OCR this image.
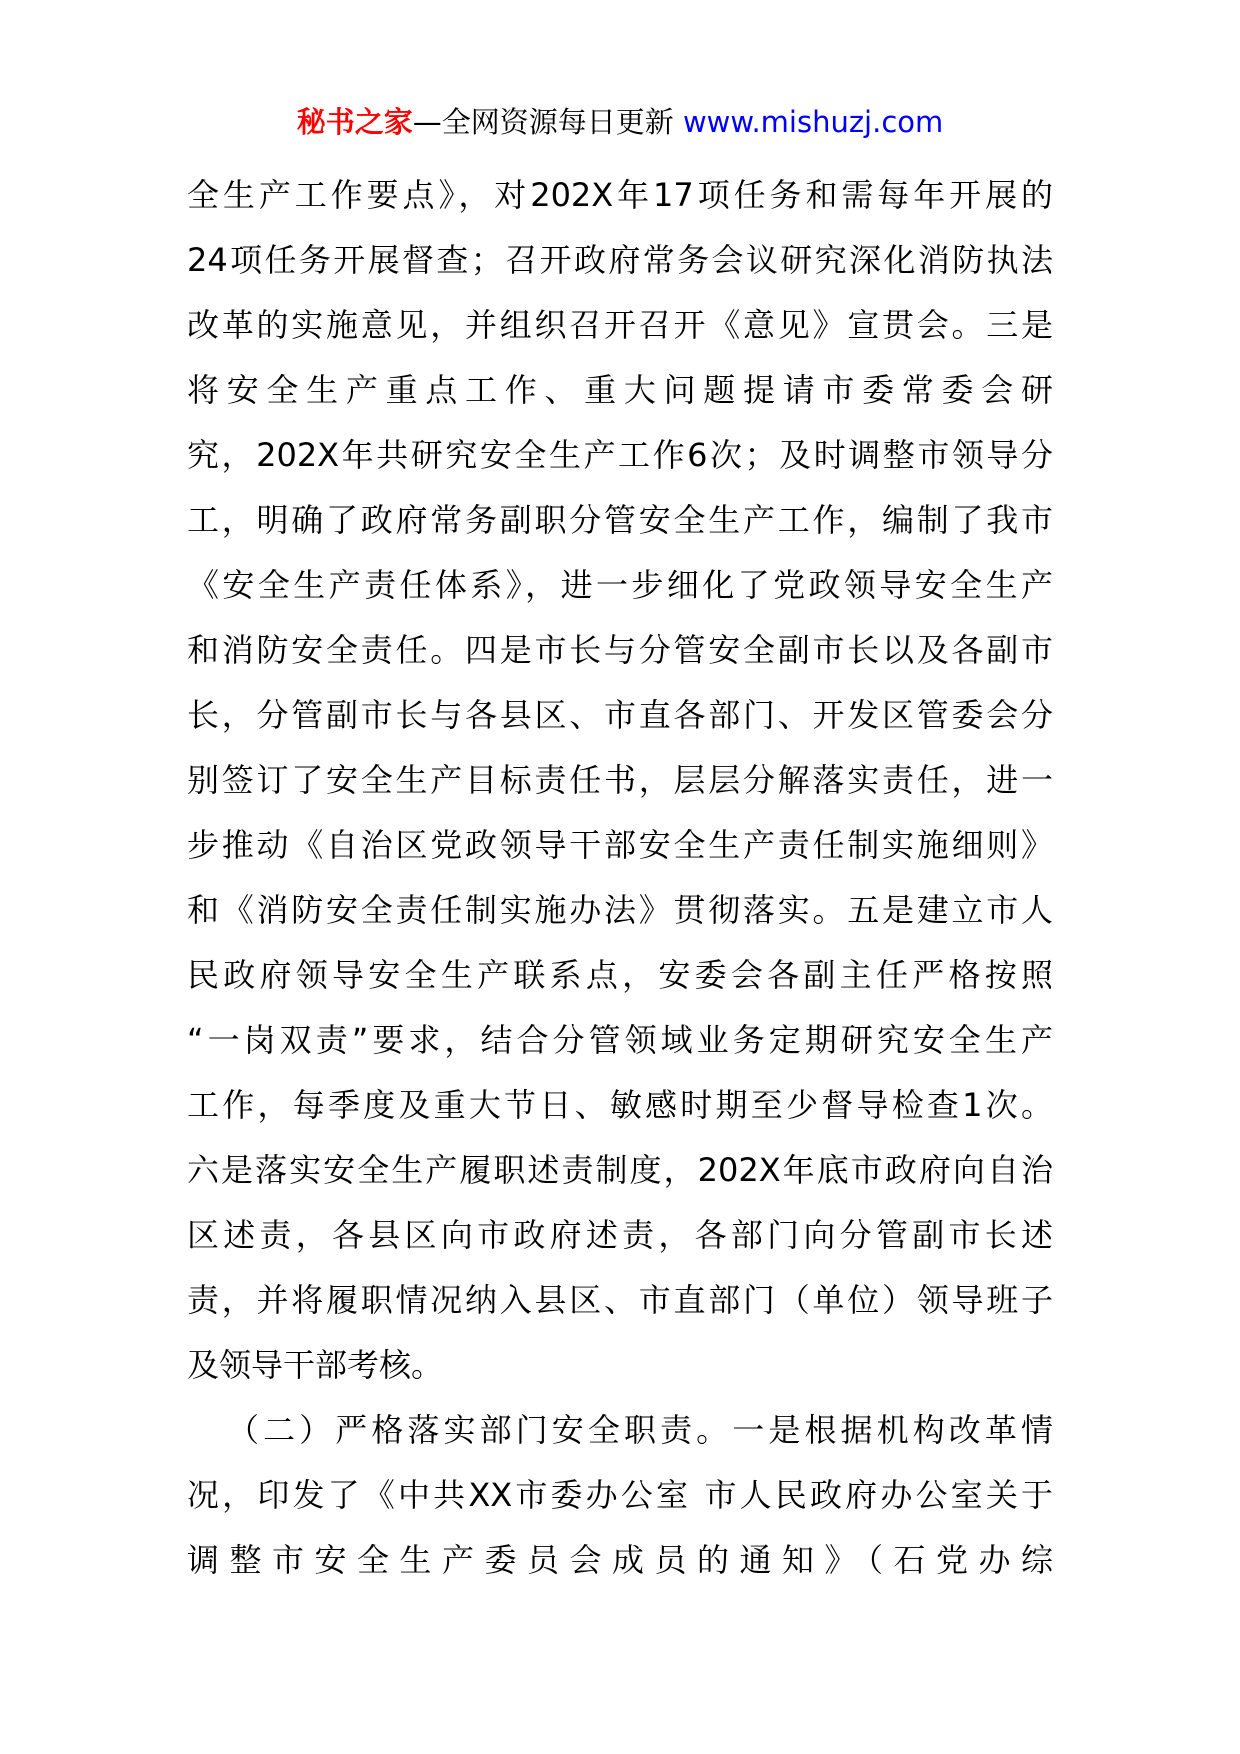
秘书之家—全网资源每日更新 www.mishuzj.com
全生产工作要点》，对202X年17项任务和需每年开展的
24项任务开展督查；召开政府常务会议研究深化消防执法
改革的实施意见，并组织召开召开《意见》宣贯会。三是
将安全生产重点工作、重大问题提请市委常委会研
究，202X年共研究安全生产工作6次；及时调整市领导分
工，明确了政府常务副职分管安全生产工作，编制了我市
《安全生产责任体系》，进一步细化了党政领导安全生产
和消防安全责任。四是市长与分管安全副市长以及各副市
长，分管副市长与各县区、市直各部门、开发区管委会分
别签订了安全生产目标责任书，层层分解落实责任，进一
步推动《自治区党政领导干部安全生产责任制实施细则》
和《消防安全责任制实施办法》贯彻落实。五是建立市人
民政府领导安全生产联系点，安委会各副主任严格按照
“一岗双责”要求，结合分管领域业务定期研究安全生产
工作，每季度及重大节日、敏感时期至少督导检查1次。
六是落实安全生产履职述责制度，202X年底市政府向自治
区述责，各县区向市政府述责，各部门向分管副市长述
责，并将履职情况纳入县区、市直部门（单位）领导班子
及领导干部考核。
（二）严格落实部门安全职责。一是根据机构改革情
况，印发了《中共XX市委办公室 市人民政府办公室关于
调整市安全生产委员会成员的通知》（石党办综
